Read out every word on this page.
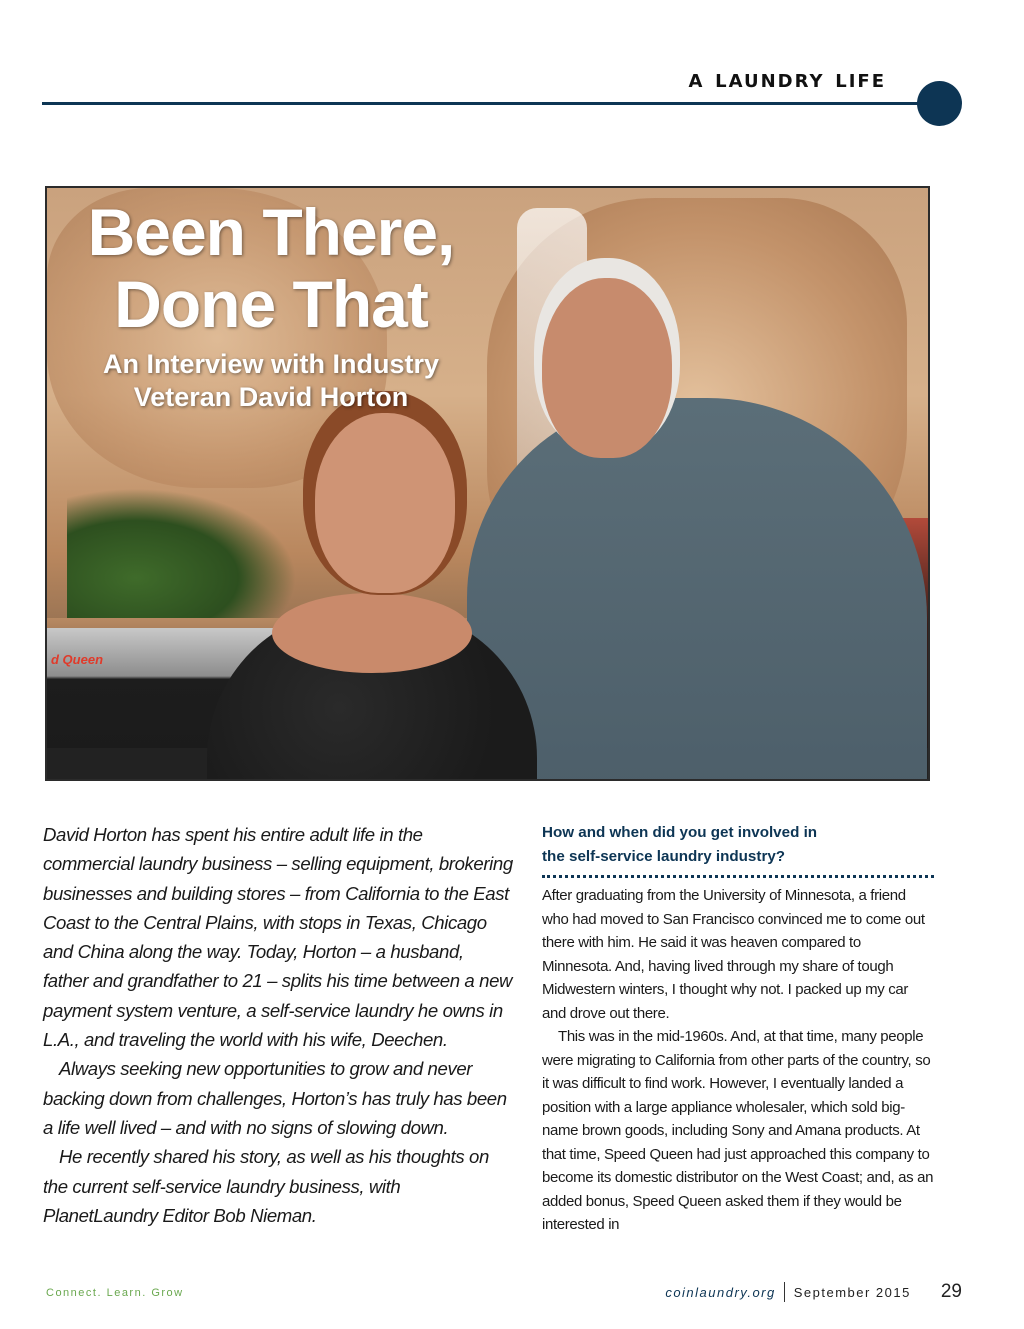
a laundry life
d Queen
Been There,
Done That
An Interview with Industry
Veteran David Horton

David Horton has spent his entire adult life in the commercial laundry business – selling equipment, brokering businesses and building stores – from California to the East Coast to the Central Plains, with stops in Texas, Chicago and China along the way. Today, Horton – a husband, father and grandfather to 21 – splits his time between a new payment system venture, a self-service laundry he owns in L.A., and traveling the world with his wife, Deechen.

Always seeking new opportunities to grow and never backing down from challenges, Horton’s has truly has been a life well lived – and with no signs of slowing down.

He recently shared his story, as well as his thoughts on the current self-service laundry business, with PlanetLaundry Editor Bob Nieman.

How and when did you get involved in
the self-service laundry industry?

After graduating from the University of Minnesota, a friend who had moved to San Francisco convinced me to come out there with him. He said it was heaven compared to Minnesota. And, having lived through my share of tough Midwestern winters, I thought why not. I packed up my car and drove out there.

This was in the mid-1960s. And, at that time, many people were migrating to California from other parts of the country, so it was difficult to find work. However, I eventually landed a position with a large appliance wholesaler, which sold big-name brown goods, including Sony and Amana products. At that time, Speed Queen had just approached this company to become its domestic distributor on the West Coast; and, as an added bonus, Speed Queen asked them if they would be interested in

Connect. Learn. Grow	coinlaundry.org September 2015 29
